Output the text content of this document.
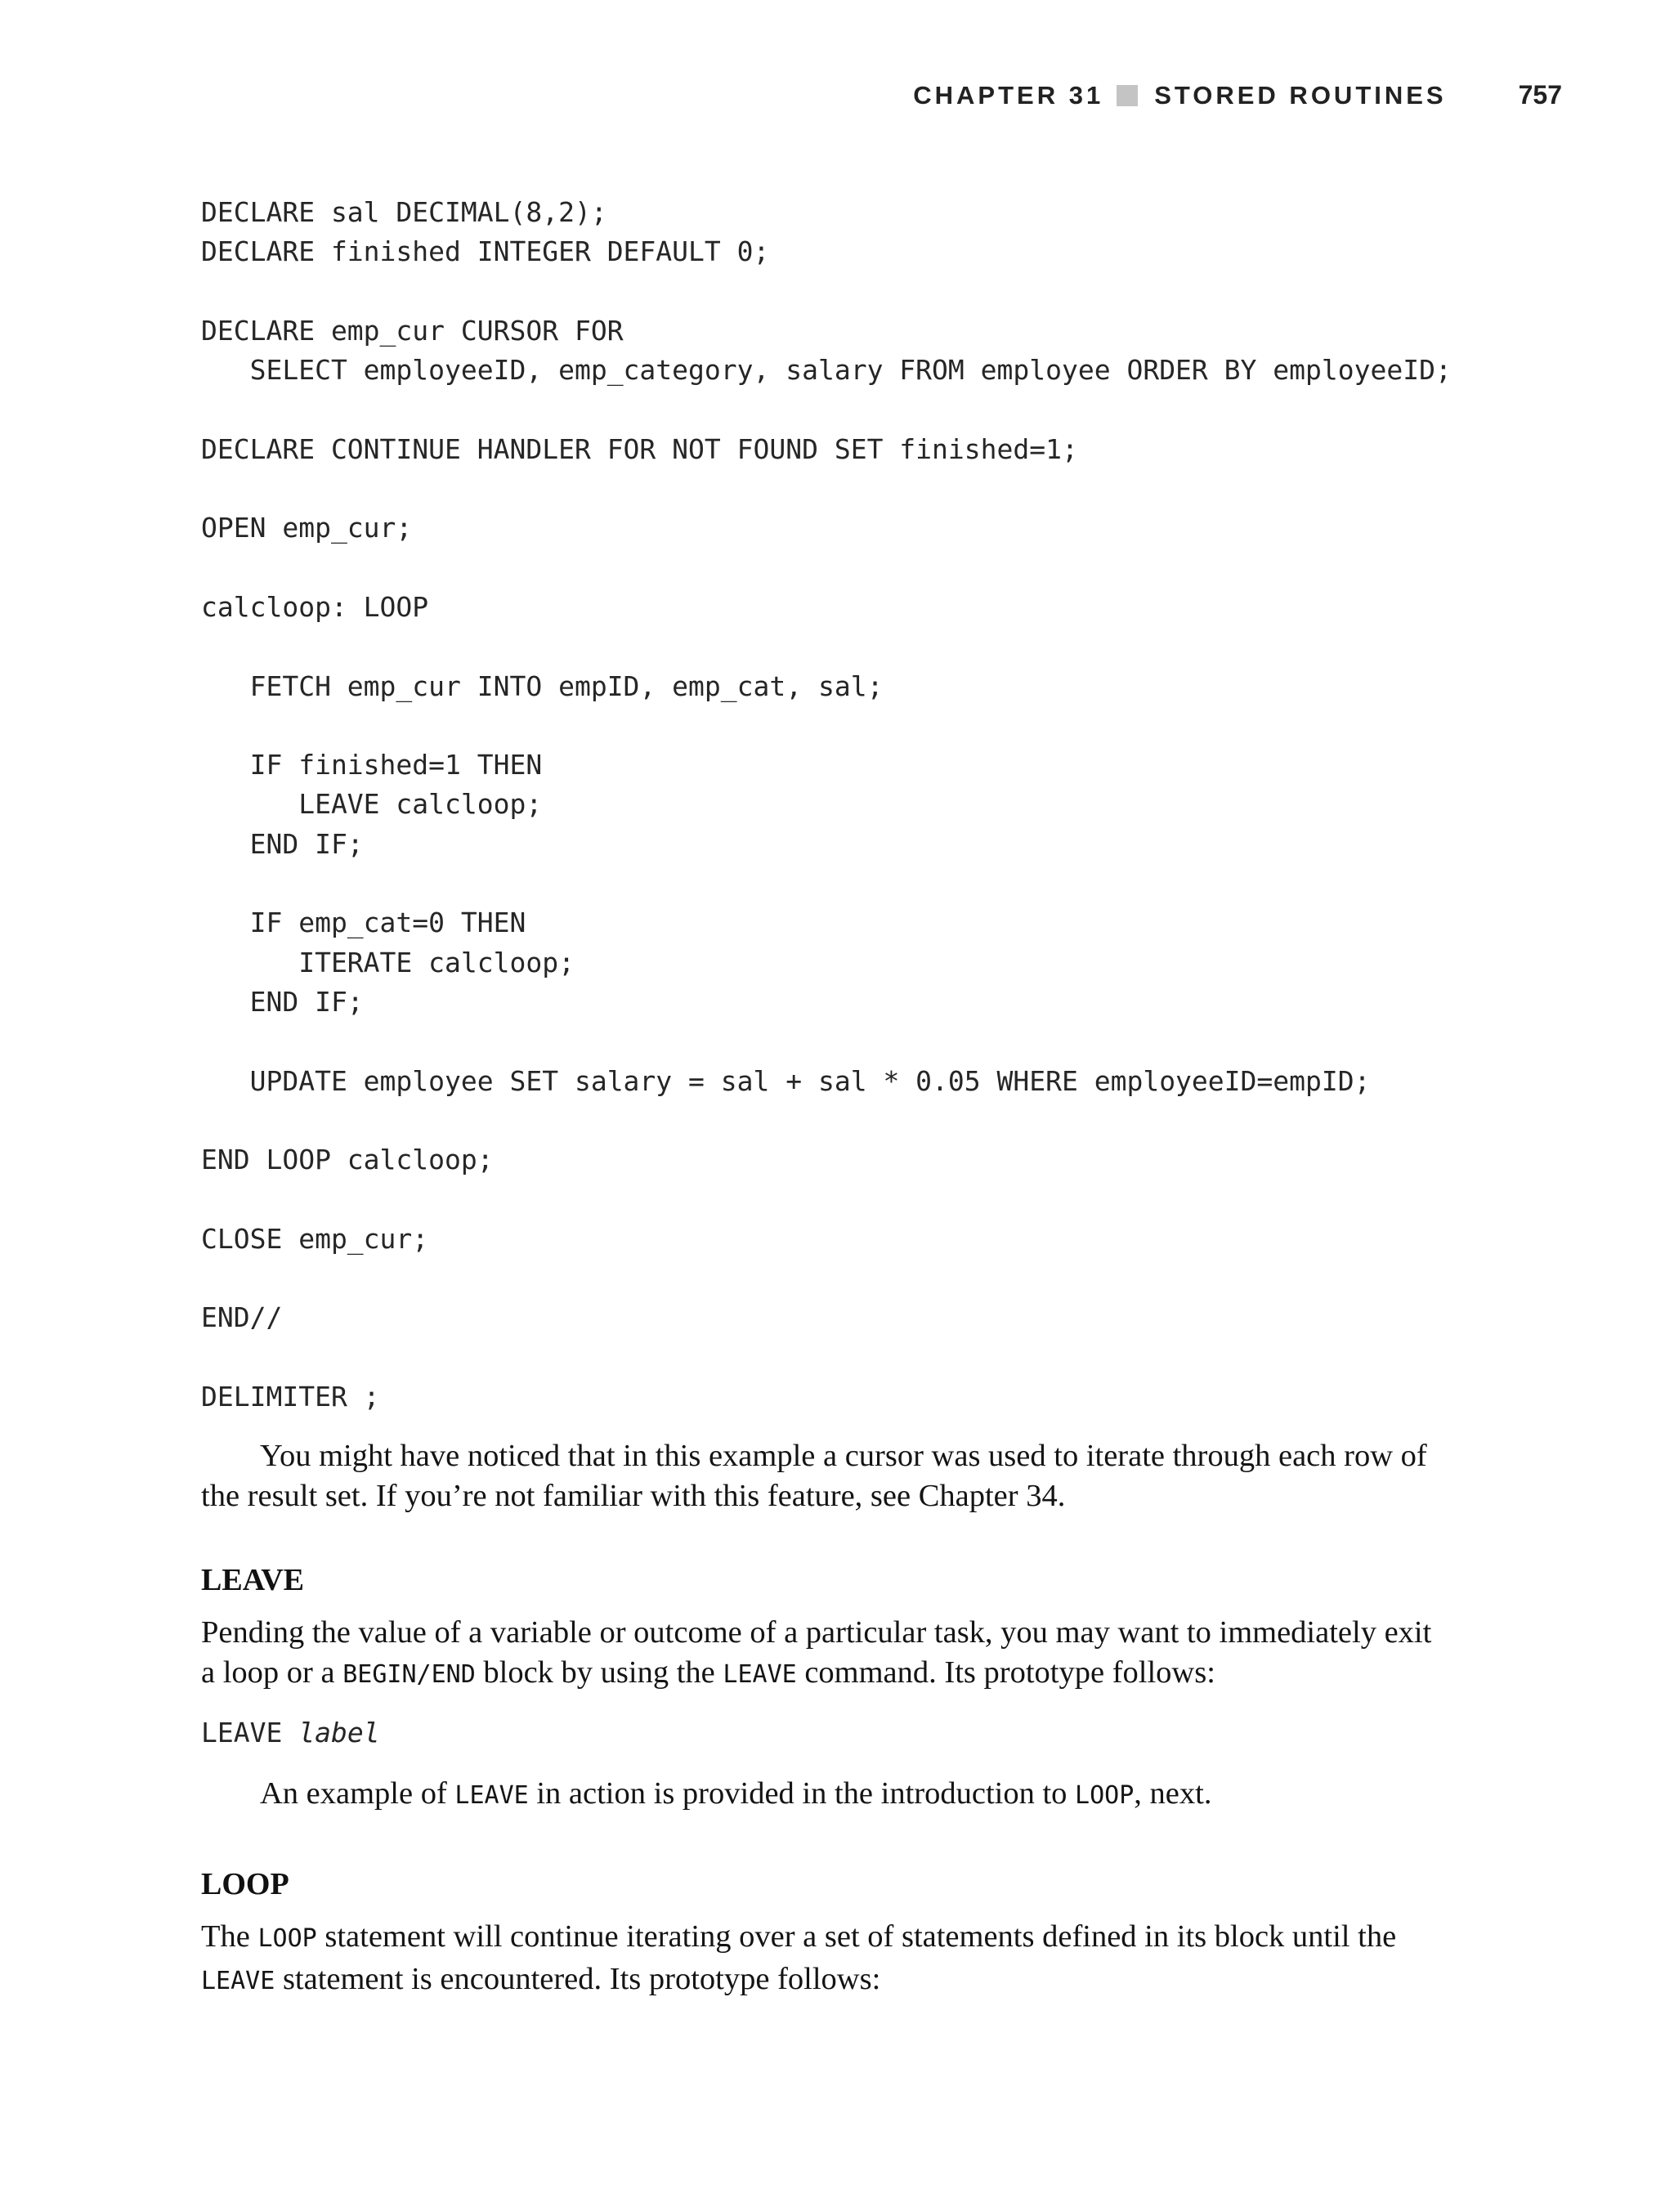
CHAPTER 31 STORED ROUTINES	757
DECLARE sal DECIMAL(8,2);
DECLARE finished INTEGER DEFAULT 0;
DECLARE emp_cur CURSOR FOR
SELECT employeeID, emp_category, salary FROM employee ORDER BY employeeID;
DECLARE CONTINUE HANDLER FOR NOT FOUND SET finished=1;
OPEN emp_cur;
calcloop: LOOP
FETCH emp_cur INTO empID, emp_cat, sal;
IF finished=1 THEN
LEAVE calcloop;
END IF;
IF emp_cat=0 THEN
ITERATE calcloop;
END IF;
UPDATE employee SET salary = sal + sal * 0.05 WHERE employeeID=empID;
END LOOP calcloop;
CLOSE emp_cur;
END//
DELIMITER ;

You might have noticed that in this example a cursor was used to iterate through each row of the result set. If you’re not familiar with this feature, see Chapter 34.

LEAVE

Pending the value of a variable or outcome of a particular task, you may want to immediately exit a loop or a BEGIN/END block by using the LEAVE command. Its prototype follows:

LEAVE label

An example of LEAVE in action is provided in the introduction to LOOP, next.

LOOP

The LOOP statement will continue iterating over a set of statements defined in its block until the LEAVE statement is encountered. Its prototype follows:
